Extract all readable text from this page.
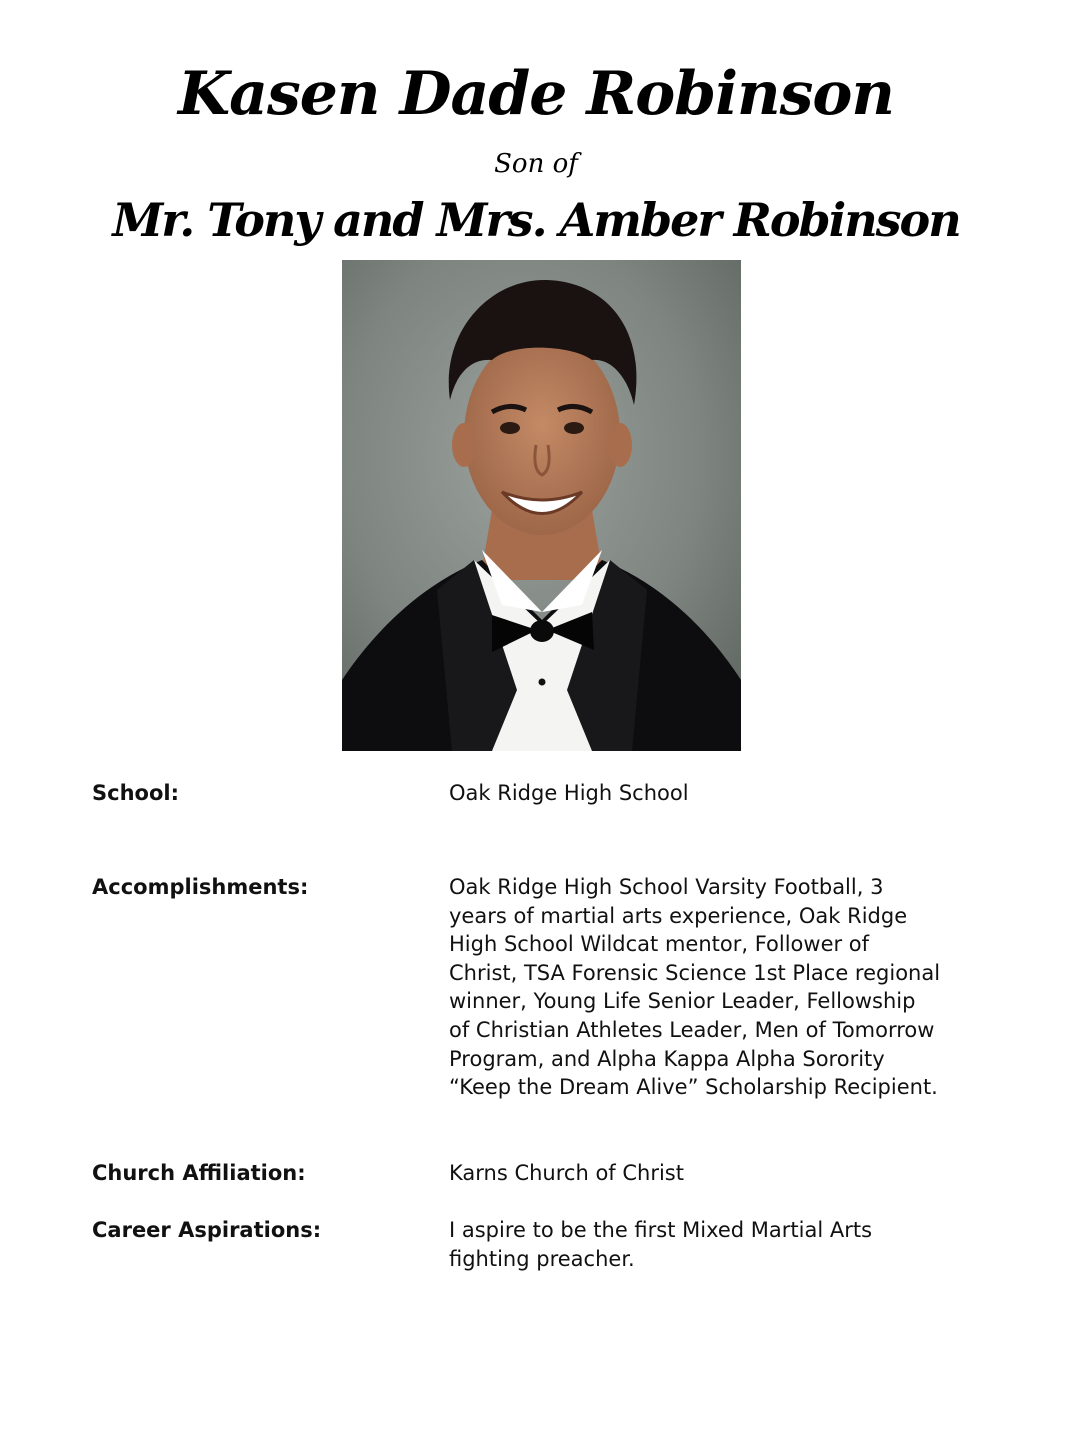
Kasen Dade Robinson
Son of
Mr. Tony and Mrs. Amber Robinson
School:	Oak Ridge High School
Accomplishments:	Oak Ridge High School Varsity Football, 3
years of martial arts experience, Oak Ridge
High School Wildcat mentor, Follower of
Christ, TSA Forensic Science 1st Place regional
winner, Young Life Senior Leader, Fellowship
of Christian Athletes Leader, Men of Tomorrow
Program, and Alpha Kappa Alpha Sorority
“Keep the Dream Alive” Scholarship Recipient.
Church Affiliation:	Karns Church of Christ
Career Aspirations:	I aspire to be the first Mixed Martial Arts
fighting preacher.
